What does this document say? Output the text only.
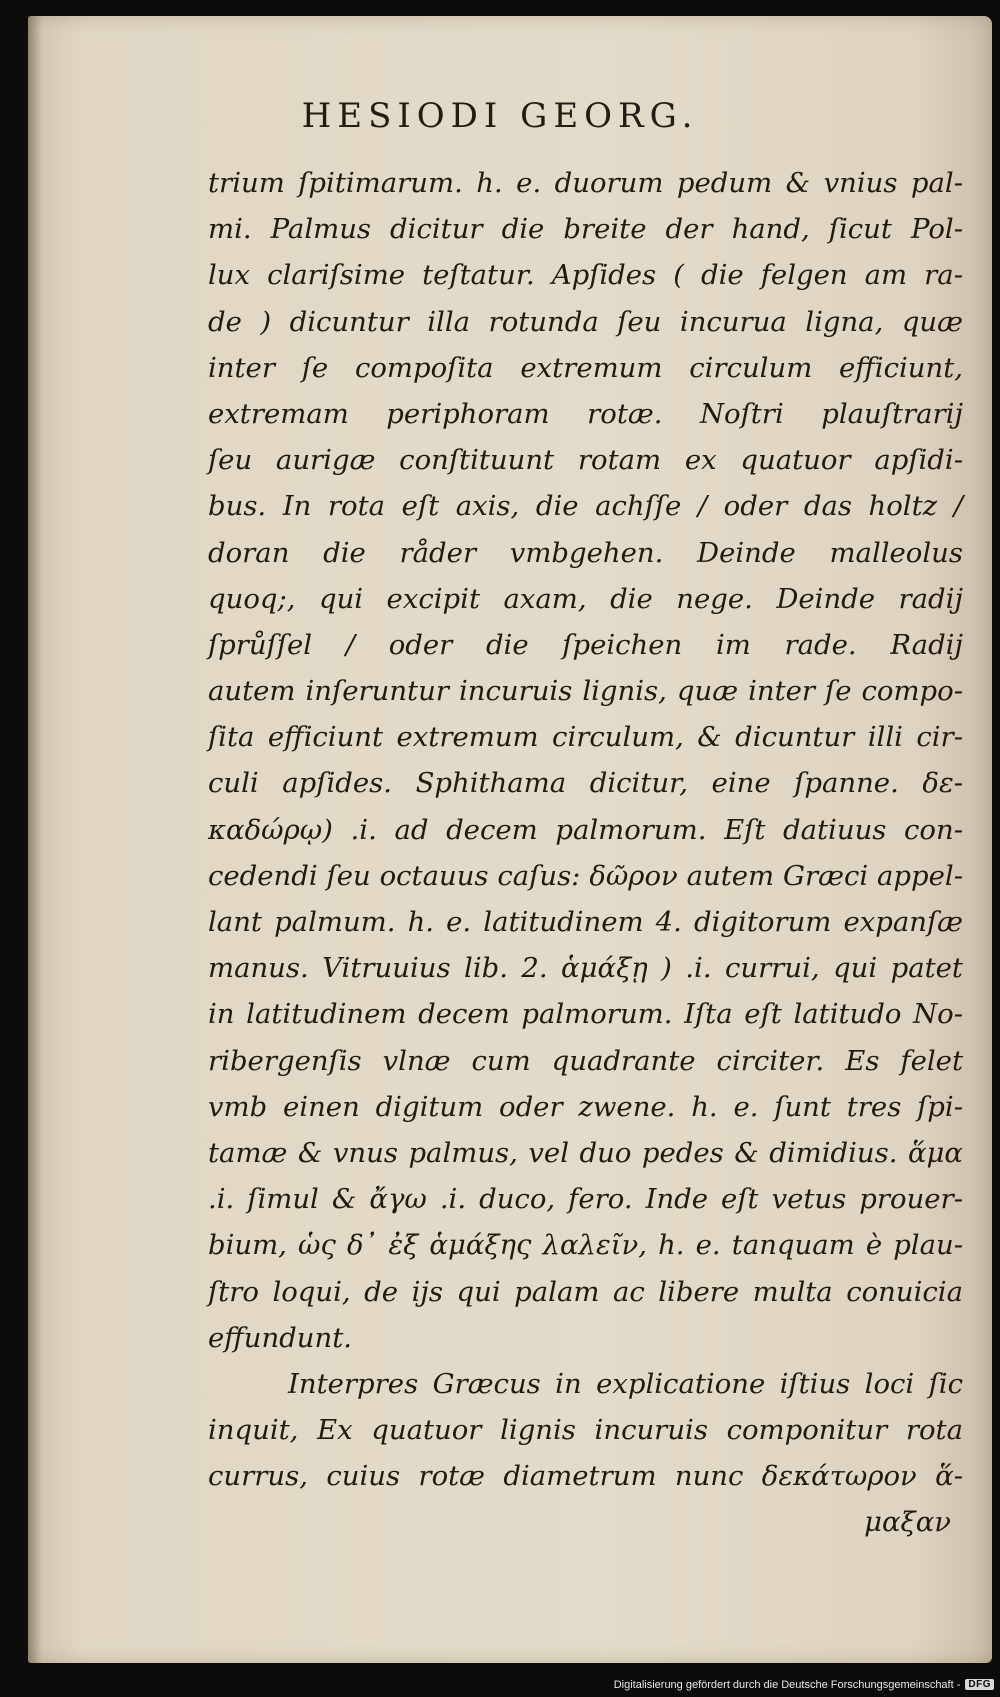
HESIODI GEORG.
trium ſpitimarum. h. e. duorum pedum & vnius pal-
mi. Palmus dicitur die breite der hand, ſicut Pol-
lux clariſsime teſtatur. Apſides ( die felgen am ra-
de ) dicuntur illa rotunda ſeu incurua ligna, quæ
inter ſe compoſita extremum circulum efficiunt,
extremam periphoram rotæ. Noſtri plauſtrarij
ſeu aurigæ conſtituunt rotam ex quatuor apſidi-
bus. In rota eſt axis, die achſſe / oder das holtz /
doran die råder vmbgehen. Deinde malleolus
quoq;, qui excipit axam, die nege. Deinde radij
ſprůſſel / oder die ſpeichen im rade. Radij
autem inſeruntur incuruis lignis, quæ inter ſe compo-
ſita efficiunt extremum circulum, & dicuntur illi cir-
culi apſides. Sphithama dicitur, eine ſpanne. δε-
καδώρῳ) .i. ad decem palmorum. Eſt datiuus con-
cedendi ſeu octauus caſus: δῶρον autem Græci appel-
lant palmum. h. e. latitudinem 4. digitorum expanſæ
manus. Vitruuius lib. 2. ἁμάξῃ ) .i. currui, qui patet
in latitudinem decem palmorum. Iſta eſt latitudo No-
ribergenſis vlnæ cum quadrante circiter. Es felet
vmb einen digitum oder zwene. h. e. ſunt tres ſpi-
tamæ & vnus palmus, vel duo pedes & dimidius. ἅμα
.i. ſimul & ἄγω .i. duco, fero. Inde eſt vetus prouer-
bium, ὡς δ᾽ ἐξ ἁμάξης λαλεῖν, h. e. tanquam è plau-
ſtro loqui, de ijs qui palam ac libere multa conuicia
effundunt.
Interpres Græcus in explicatione iſtius loci ſic
inquit, Ex quatuor lignis incuruis componitur rota
currus, cuius rotæ diametrum nunc δεκάτωρον ἅ-
μαξαν
Digitalisierung gefördert durch die Deutsche Forschungsgemeinschaft - DFG
